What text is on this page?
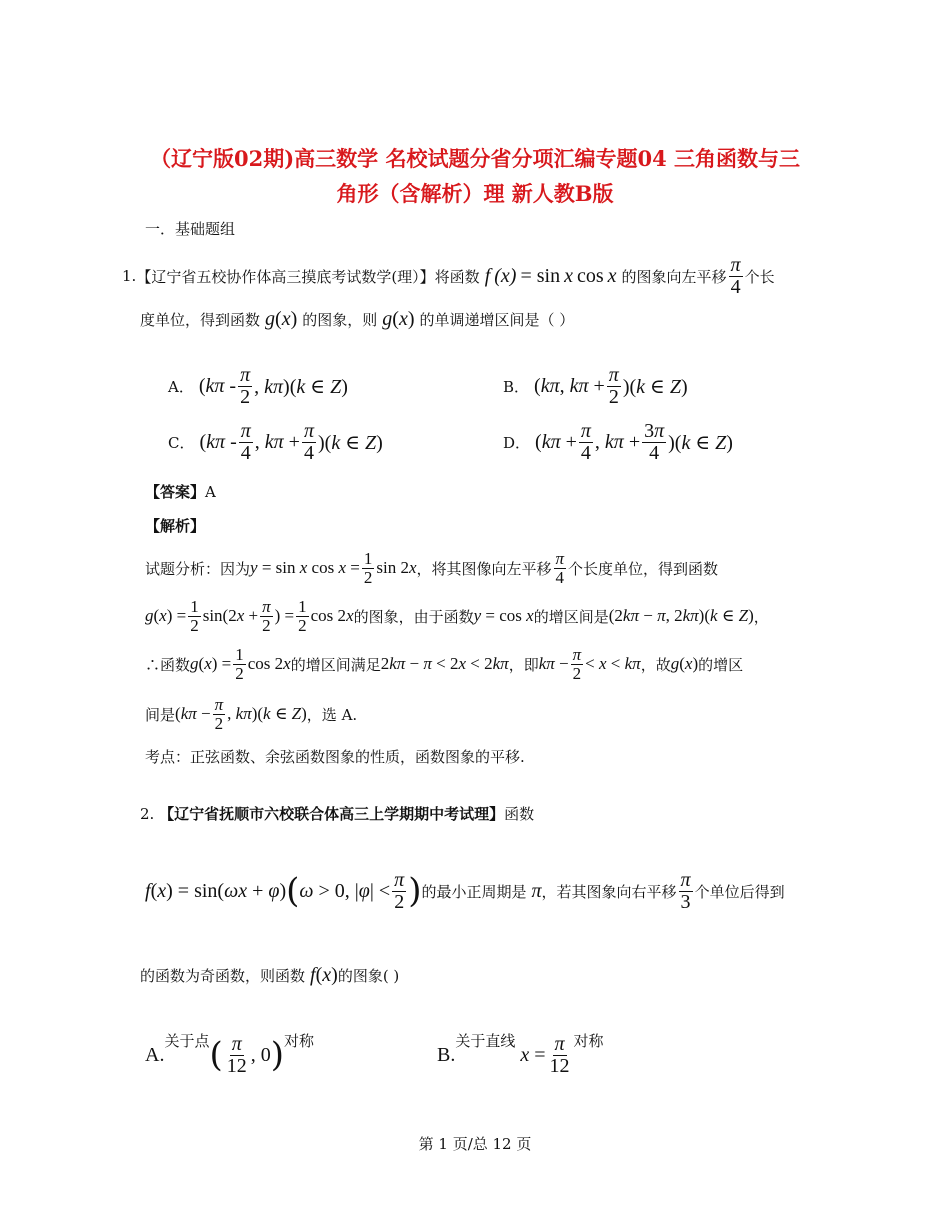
（辽宁版02期)高三数学 名校试题分省分项汇编专题04 三角函数与三
角形（含解析）理 新人教B版
一．基础题组
1. 【辽宁省五校协作体高三摸底考试数学(理）】 将函数 f (x) = sin x cos x 的图象向左平移 $\frac{\pi}{4}$ 个长
度单位，得到函数 g(x) 的图象，则 g(x) 的单调递增区间是（ ）
A． ($k\pi - \frac{\pi}{2}$ , kπ)(k ∈ Z)	B． (kπ, $k\pi + \frac{\pi}{2} )(k$ ∈ Z)
C． ($k\pi - \frac{\pi}{4}$ , $k\pi + \frac{\pi}{4} )(k$ ∈ Z)	D． ($k\pi + \frac{\pi}{4}$ , $k\pi + \frac{3\pi}{4} )(k$ ∈ Z)
【答案】A
【解析】
试题分析：因为 y = sin x $\cos x = \frac{1}{2}$ sin 2x ，将其图像向左平移 $\frac{\pi}{4}$ 个长度单位，得到函数
$g(x) = \frac{1}{2} \sin(2x + \frac{\pi}{2}$ ) = $\frac{1}{2}$ cos 2x 的图象，由于函数 y = cos x 的增区间是 (2kπ − π, 2kπ)(k ∈ Z) ，
∴函数 $g(x) = \frac{1}{2}$ cos 2x 的增区间满足 2kπ − π < 2x < 2kπ ，即 $k\pi - \frac{\pi}{2} < x < k\pi$ ，故 g(x) 的增区
间是 ($k\pi - \frac{\pi}{2}$ , kπ)(k ∈ Z) ，选 A.
考点：正弦函数、余弦函数图象的性质，函数图象的平移.
2. 【辽宁省抚顺市六校联合体高三上学期期中考试理】函数
f(x) = sin(ωx + φ) ( ω > 0, $|\varphi| < \frac{\pi}{2}$ ) 的最小正周期是 π ，若其图象向右平移 $\frac{\pi}{3}$ 个单位后得到
的函数为奇函数，则函数 f(x) 的图象( )
A.
关于点 ( $\frac{\pi}{12}$ , 0 ) 对称
B.
关于直线
$x = \frac{\pi}{12}$ 对称
第 1 页/总 12 页
